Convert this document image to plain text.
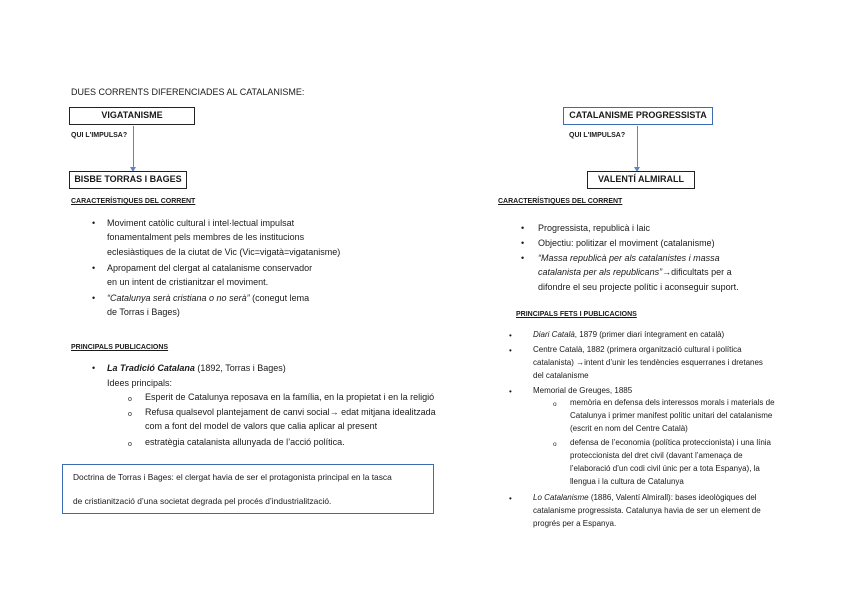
DUES CORRENTS DIFERENCIADES AL CATALANISME:
VIGATANISME
QUI L'IMPULSA?
BISBE TORRAS I BAGES
CARACTERÍSTIQUES DEL CORRENT
• Moviment catòlic cultural i intel·lectual impulsat
fonamentalment pels membres de les institucions
eclesiàstiques de la ciutat de Vic (Vic=vigatà=vigatanisme)
• Apropament del clergat al catalanisme conservador
en un intent de cristianitzar el moviment.
• “Catalunya serà cristiana o no serà” (conegut lema
de Torras i Bages)
PRINCIPALS PUBLICACIONS
• La Tradició Catalana (1892, Torras i Bages)
Idees principals:
o Esperit de Catalunya reposava en la família, en la propietat i en la religió
o Refusa qualsevol plantejament de canvi social→ edat mitjana idealitzada
com a font del model de valors que calia aplicar al present
o estratègia catalanista allunyada de l’acció política.
Doctrina de Torras i Bages: el clergat havia de ser el protagonista principal en la tasca
de cristianització d’una societat degrada pel procés d’industrialització.
CATALANISME PROGRESSISTA
QUI L'IMPULSA?
VALENTÍ ALMIRALL
CARACTERÍSTIQUES DEL CORRENT
• Progressista, republicà i laic
• Objectiu: politizar el moviment (catalanisme)
• “Massa republicà per als catalanistes i massa
catalanista per als republicans”→dificultats per a
difondre el seu projecte polític i aconseguir suport.
PRINCIPALS FETS I PUBLICACIONS
•	Diari Català, 1879 (primer diari íntegrament en català)
•	Centre Català, 1882 (primera organització cultural i política
catalanista) →intent d’unir les tendències esquerranes i dretanes
del catalanisme
•	Memorial de Greuges, 1885
o memòria en defensa dels interessos morals i materials de
Catalunya i primer manifest polític unitari del catalanisme
(escrit en nom del Centre Català)
o defensa de l’economia (política proteccionista) i una línia
proteccionista del dret civil (davant l’amenaça de
l’elaboració d’un codi civil únic per a tota Espanya), la
llengua i la cultura de Catalunya
•	Lo Catalanisme (1886, Valentí Almirall): bases ideològiques del
catalanisme progressista. Catalunya havia de ser un element de
progrés per a Espanya.
